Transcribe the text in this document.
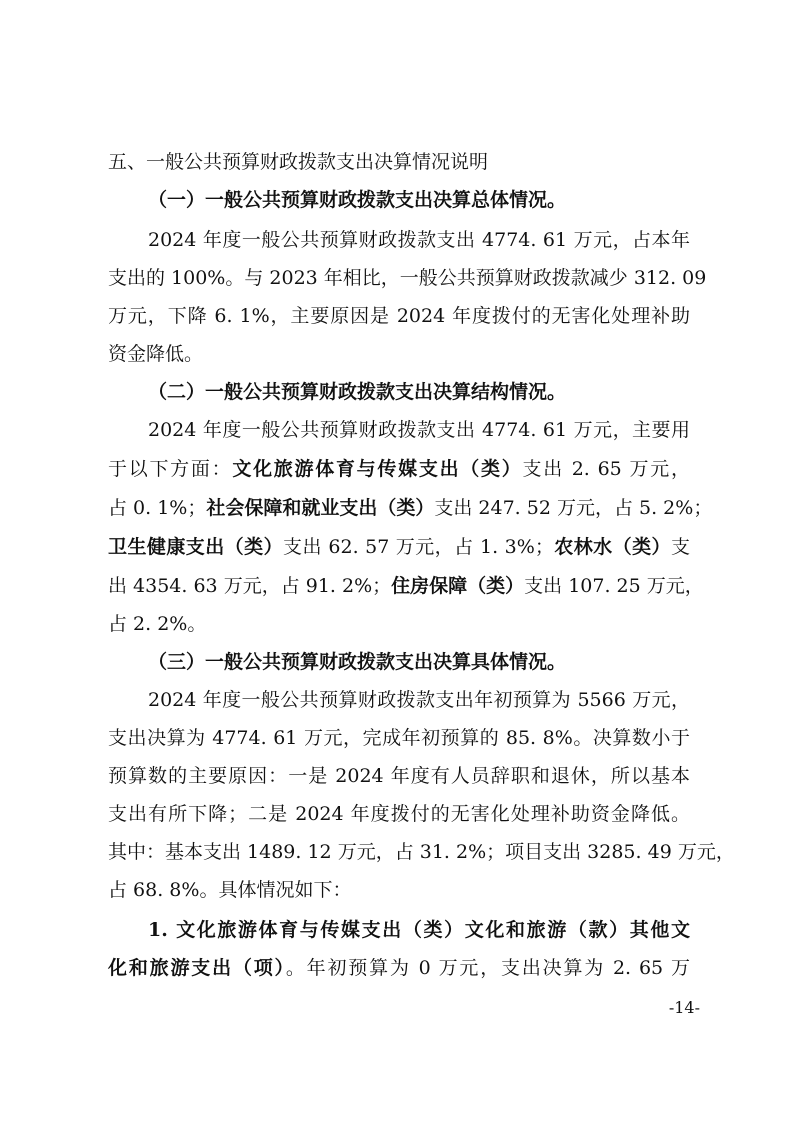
五、一般公共预算财政拨款支出决算情况说明
（一）一般公共预算财政拨款支出决算总体情况。
2024 年度一般公共预算财政拨款支出 4774. 61 万元，占本年
支出的 100%。与 2023 年相比，一般公共预算财政拨款减少 312. 09
万元，下降 6. 1%，主要原因是 2024 年度拨付的无害化处理补助
资金降低。
（二）一般公共预算财政拨款支出决算结构情况。
2024 年度一般公共预算财政拨款支出 4774. 61 万元，主要用
于以下方面：文化旅游体育与传媒支出（类）支出 2. 65 万元，
占 0. 1%；社会保障和就业支出（类）支出 247. 52 万元，占 5. 2%；
卫生健康支出（类）支出 62. 57 万元，占 1. 3%；农林水（类）支
出 4354. 63 万元，占 91. 2%；住房保障（类）支出 107. 25 万元，
占 2. 2%。
（三）一般公共预算财政拨款支出决算具体情况。
2024 年度一般公共预算财政拨款支出年初预算为 5566 万元，
支出决算为 4774. 61 万元，完成年初预算的 85. 8%。决算数小于
预算数的主要原因：一是 2024 年度有人员辞职和退休，所以基本
支出有所下降；二是 2024 年度拨付的无害化处理补助资金降低。
其中：基本支出 1489. 12 万元，占 31. 2%；项目支出 3285. 49 万元，
占 68. 8%。具体情况如下：
1. 文化旅游体育与传媒支出（类）文化和旅游（款）其他文
化和旅游支出（项）。年初预算为 0 万元，支出决算为 2. 65 万
-14-
